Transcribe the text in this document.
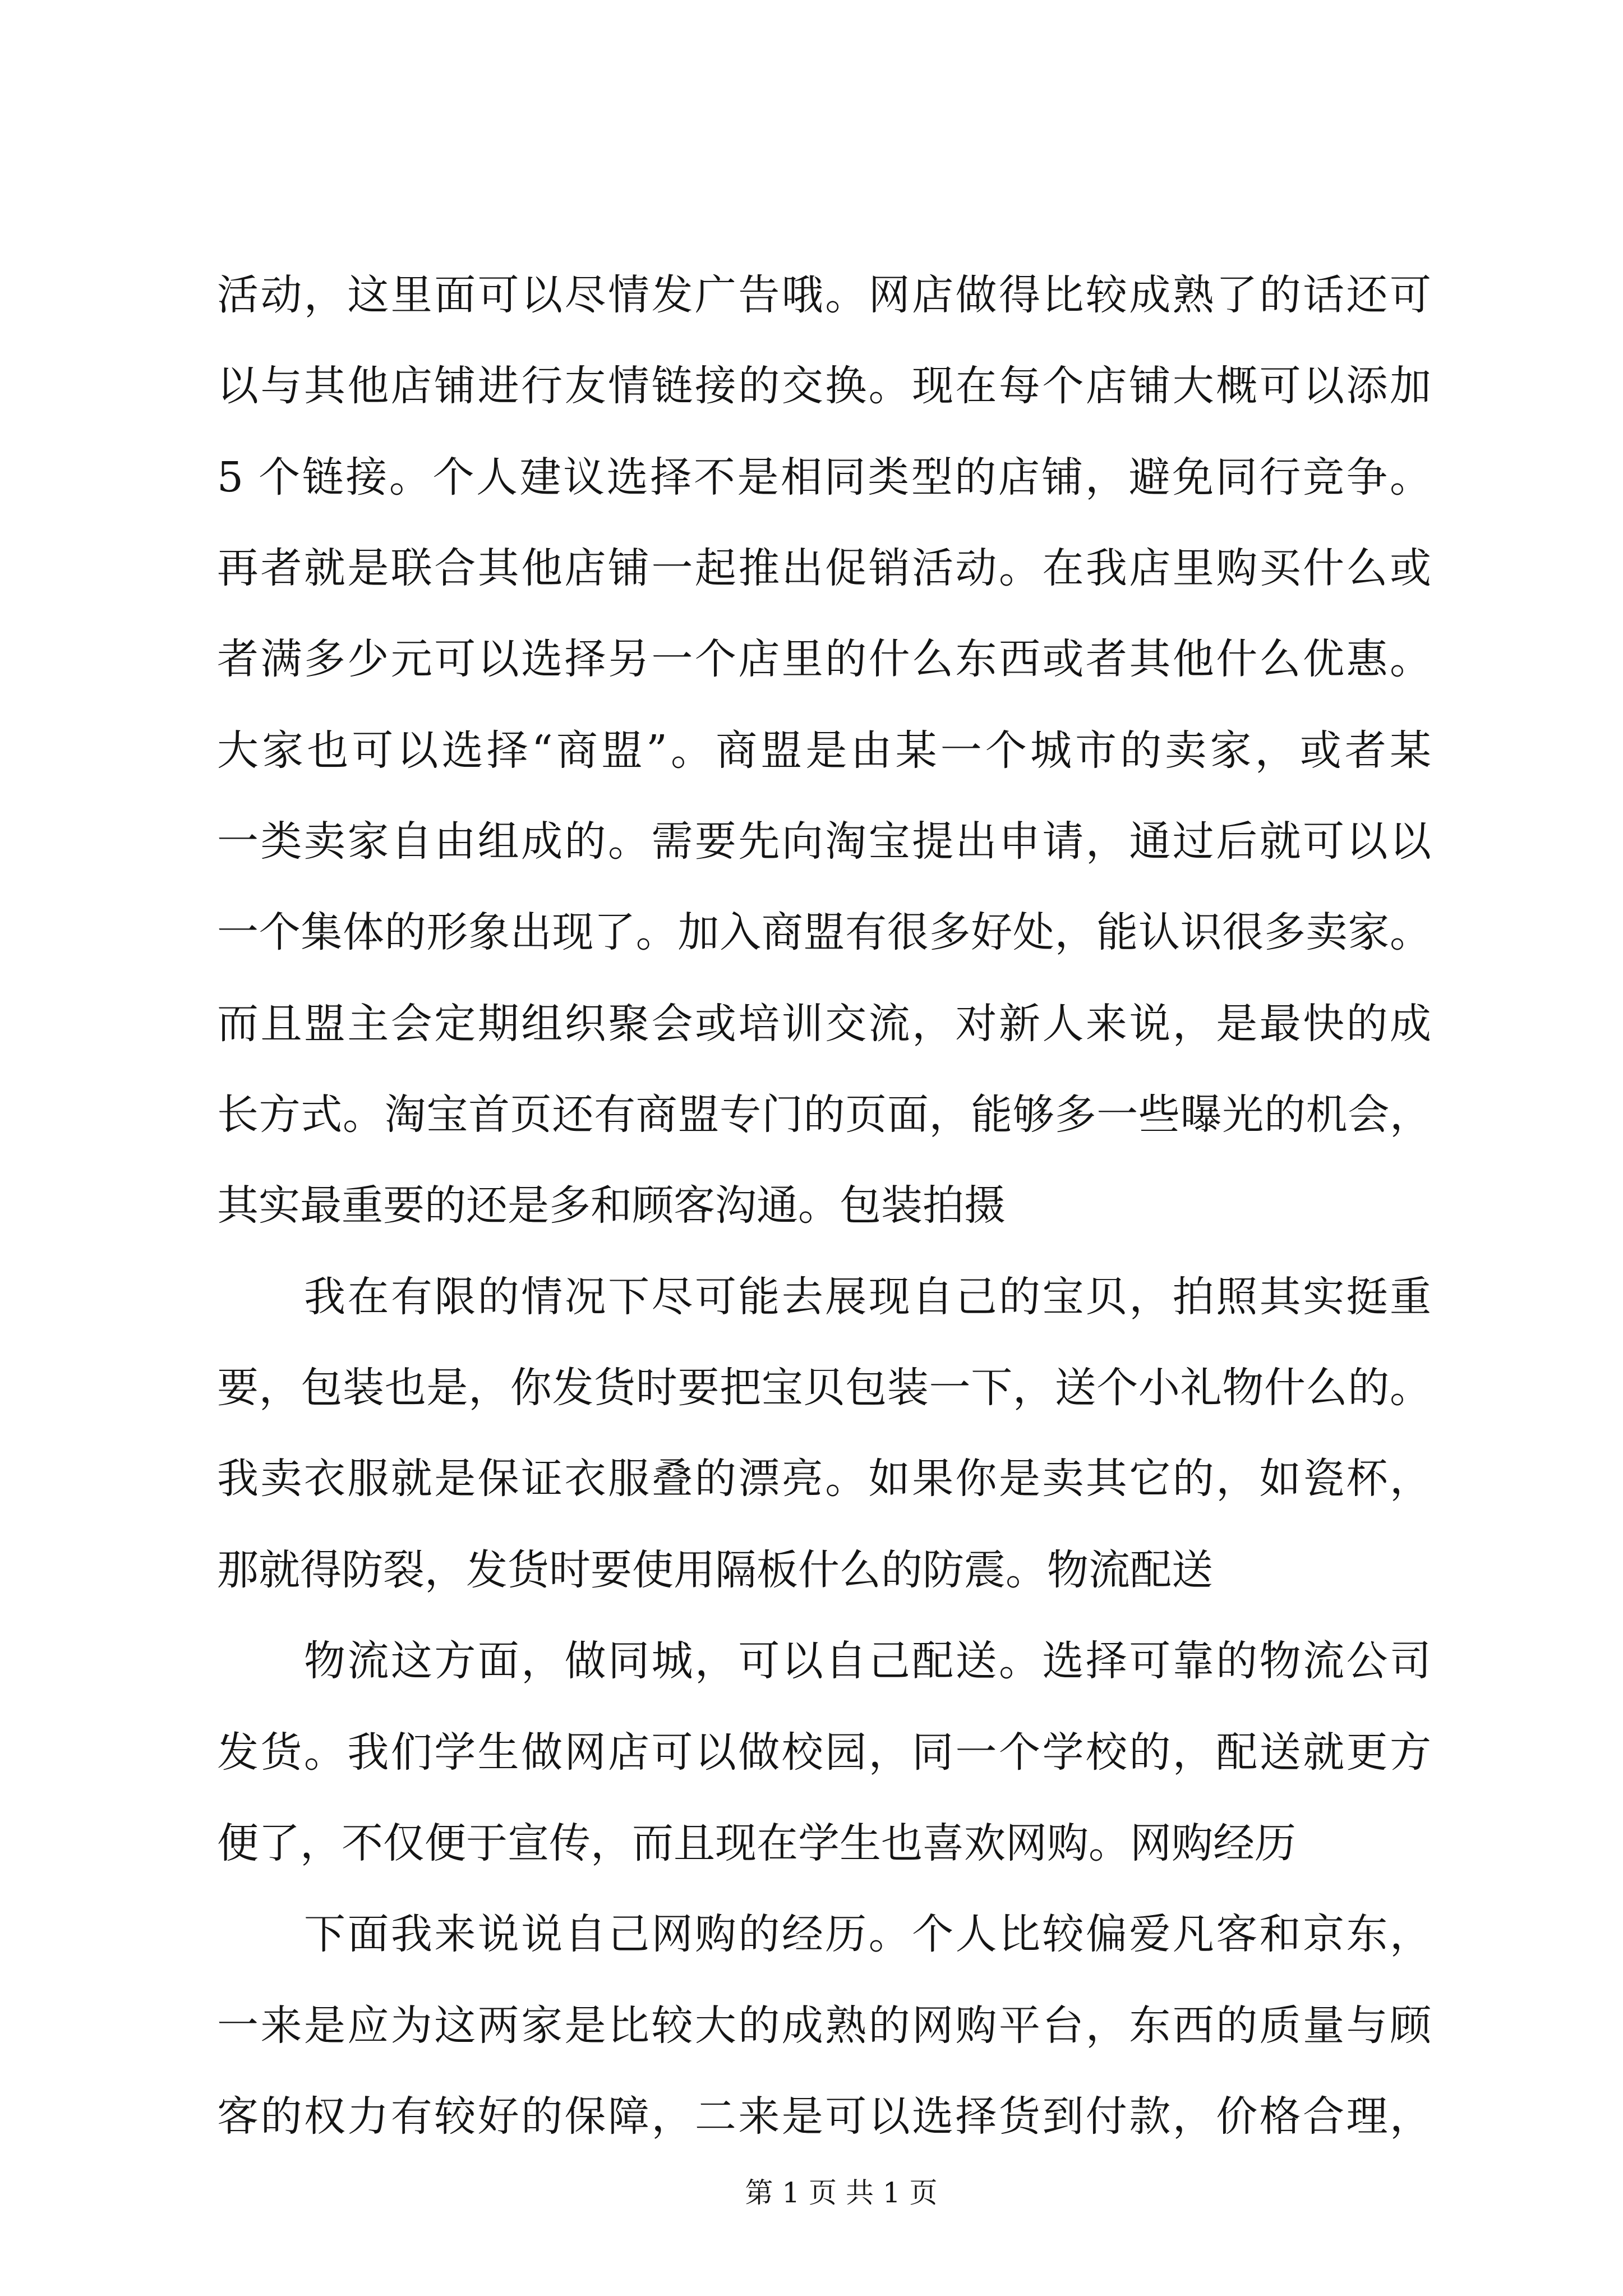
活动，这里面可以尽情发广告哦。网店做得比较成熟了的话还可
以与其他店铺进行友情链接的交换。现在每个店铺大概可以添加
5 个链接。个人建议选择不是相同类型的店铺，避免同行竞争。
再者就是联合其他店铺一起推出促销活动。在我店里购买什么或
者满多少元可以选择另一个店里的什么东西或者其他什么优惠。
大家也可以选择“商盟”。商盟是由某一个城市的卖家，或者某
一类卖家自由组成的。需要先向淘宝提出申请，通过后就可以以
一个集体的形象出现了。加入商盟有很多好处，能认识很多卖家。
而且盟主会定期组织聚会或培训交流，对新人来说，是最快的成
长方式。淘宝首页还有商盟专门的页面，能够多一些曝光的机会，
其实最重要的还是多和顾客沟通。包装拍摄
我在有限的情况下尽可能去展现自己的宝贝，拍照其实挺重
要，包装也是，你发货时要把宝贝包装一下，送个小礼物什么的。
我卖衣服就是保证衣服叠的漂亮。如果你是卖其它的，如瓷杯，
那就得防裂，发货时要使用隔板什么的防震。物流配送
物流这方面，做同城，可以自己配送。选择可靠的物流公司
发货。我们学生做网店可以做校园，同一个学校的，配送就更方
便了，不仅便于宣传，而且现在学生也喜欢网购。网购经历
下面我来说说自己网购的经历。个人比较偏爱凡客和京东，
一来是应为这两家是比较大的成熟的网购平台，东西的质量与顾
客的权力有较好的保障，二来是可以选择货到付款，价格合理，
第 1 页 共 1 页
